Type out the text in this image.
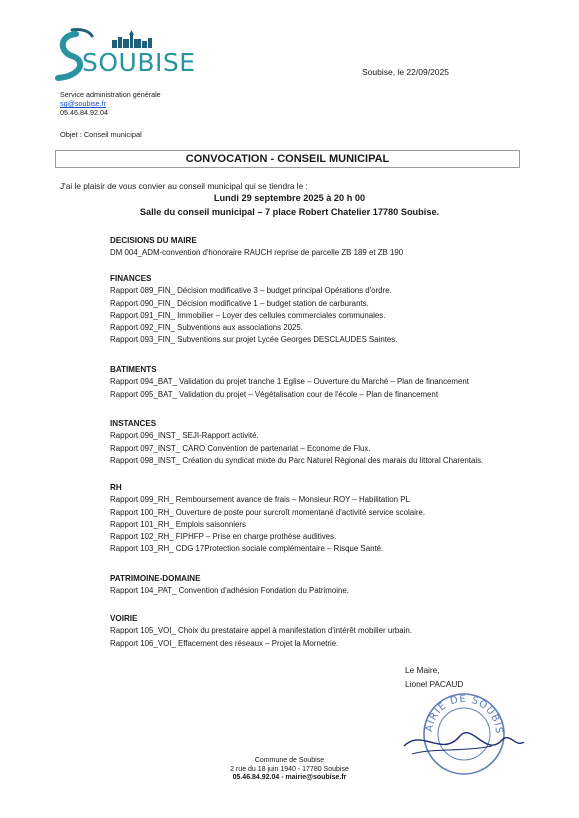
SOUBISE	Soubise, le 22/09/2025
Service administration générale
sg@soubise.fr
05.46.84.92.04
Objet : Conseil municipal
CONVOCATION - CONSEIL MUNICIPAL
J'ai le plaisir de vous convier au conseil municipal qui se tiendra le :
Lundi 29 septembre 2025 à 20 h 00
Salle du conseil municipal – 7 place Robert Chatelier 17780 Soubise.
DECISIONS DU MAIRE
DM 004_ADM-convention d'honoraire RAUCH reprise de parcelle ZB 189 et ZB 190
FINANCES
Rapport 089_FIN_ Décision modificative 3 – budget principal Opérations d'ordre.
Rapport 090_FIN_ Décision modificative 1 – budget station de carburants.
Rapport 091_FIN_ Immobilier – Loyer des cellules commerciales communales.
Rapport 092_FIN_ Subventions aux associations 2025.
Rapport 093_FIN_ Subventions sur projet Lycée Georges DESCLAUDES Saintes.
BATIMENTS
Rapport 094_BAT_ Validation du projet tranche 1 Eglise – Ouverture du Marché – Plan de financement
Rapport 095_BAT_ Validation du projet – Végétalisation cour de l'école – Plan de financement
INSTANCES
Rapport 096_INST_ SEJI-Rapport activité.
Rapport 097_INST_ CARO Convention de partenariat – Econome de Flux.
Rapport 098_INST_ Création du syndicat mixte du Parc Naturel Régional des marais du littoral Charentais.
RH
Rapport 099_RH_ Remboursement avance de frais – Monsieur ROY – Habilitation PL
Rapport 100_RH_ Ouverture de poste pour surcroît momentané d'activité service scolaire.
Rapport 101_RH_ Emplois saisonniers
Rapport 102_RH_ FIPHFP – Prise en charge prothèse auditives.
Rapport 103_RH_ CDG 17Protection sociale complémentaire – Risque Santé.
PATRIMOINE-DOMAINE
Rapport 104_PAT_ Convention d'adhésion Fondation du Patrimoine.
VOIRIE
Rapport 105_VOI_ Choix du prestataire appel à manifestation d'intérêt mobilier urbain.
Rapport 106_VOI_ Effacement des réseaux – Projet la Mornetrie.
Le Maire,
Lionel PACAUD
AIRIE DE SOUBIS
Commune de Soubise
2 rue du 18 juin 1940 - 17780 Soubise
05.46.84.92.04 - mairie@soubise.fr
